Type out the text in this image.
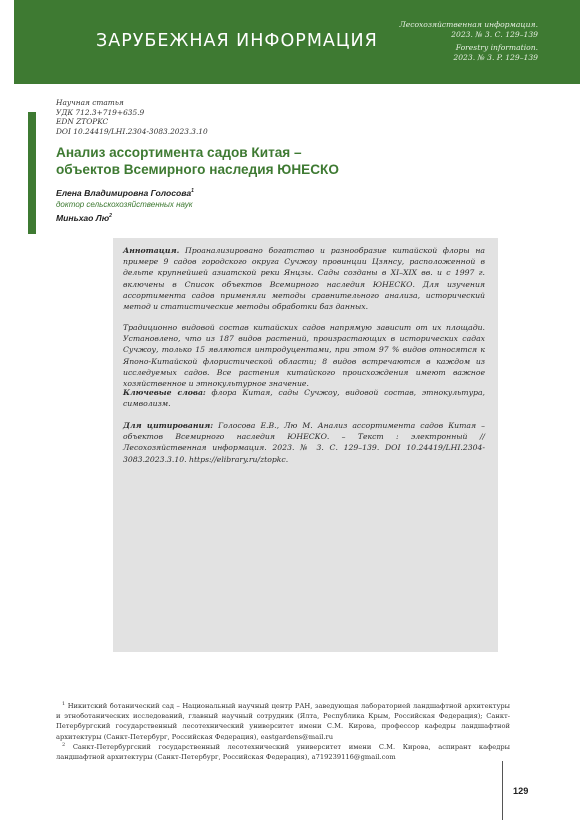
ЗАРУБЕЖНАЯ ИНФОРМАЦИЯ
Лесохозяйственная информация.
2023. № 3. С. 129–139
Forestry information.
2023. № 3. P. 129–139
Научная статья
УДК 712.3+719+635.9
EDN ZTOPKC
DOI 10.24419/LHI.2304-3083.2023.3.10
Анализ ассортимента садов Китая –
объектов Всемирного наследия ЮНЕСКО
Елена Владимировна Голосова$^1$
доктор сельскохозяйственных наук
Миньхао $Лю^2$
Аннотация. Проанализировано богатство и разнообразие китайской флоры на примере 9 садов городского округа Сучжоу провинции Цзянсу, расположенной в дельте крупнейшей азиатской реки Янцзы. Сады созданы в XI–XIX вв. и с 1997 г. включены в Список объектов Всемирного наследия ЮНЕСКО. Для изучения ассортимента садов применяли методы сравнительного анализа, исторический метод и статистические методы обработки баз данных.
Традиционно видовой состав китайских садов напрямую зависит от их площади. Установлено, что из 187 видов растений, произрастающих в исторических садах Сучжоу, только 15 являются интродуцентами, при этом 97 % видов относятся к Японо-Китайской флористической области; 8 видов встречаются в каждом из исследуемых садов. Все растения китайского происхождения имеют важное хозяйственное и этнокультурное значение.
Ключевые слова: флора Китая, сады Сучжоу, видовой состав, этнокультура, символизм.
Для цитирования: Голосова Е.В., Лю М. Анализ ассортимента садов Китая – объектов Всемирного наследия ЮНЕСКО. – Текст : электронный // Лесохозяйственная информация. 2023. № 3. С. 129–139. DOI 10.24419/LHI.2304-3083.2023.3.10. https://elibrary.ru/ztopkc.

$^1$ Никитский ботанический сад – Национальный научный центр РАН, заведующая лабораторией ландшафтной архитектуры и этноботанических исследований, главный научный сотрудник (Ялта, Республика Крым, Российская Федерация); Санкт-Петербургский государственный лесотехнический университет имени С.М. Кирова, профессор кафедры ландшафтной архитектуры (Санкт-Петербург, Российская Федерация), eastgardens@mail.ru

$^2$ Санкт-Петербургский государственный лесотехнический университет имени С.М. Кирова, аспирант кафедры ландшафтной архитектуры (Санкт-Петербург, Российская Федерация), a719239116@gmail.com

129
